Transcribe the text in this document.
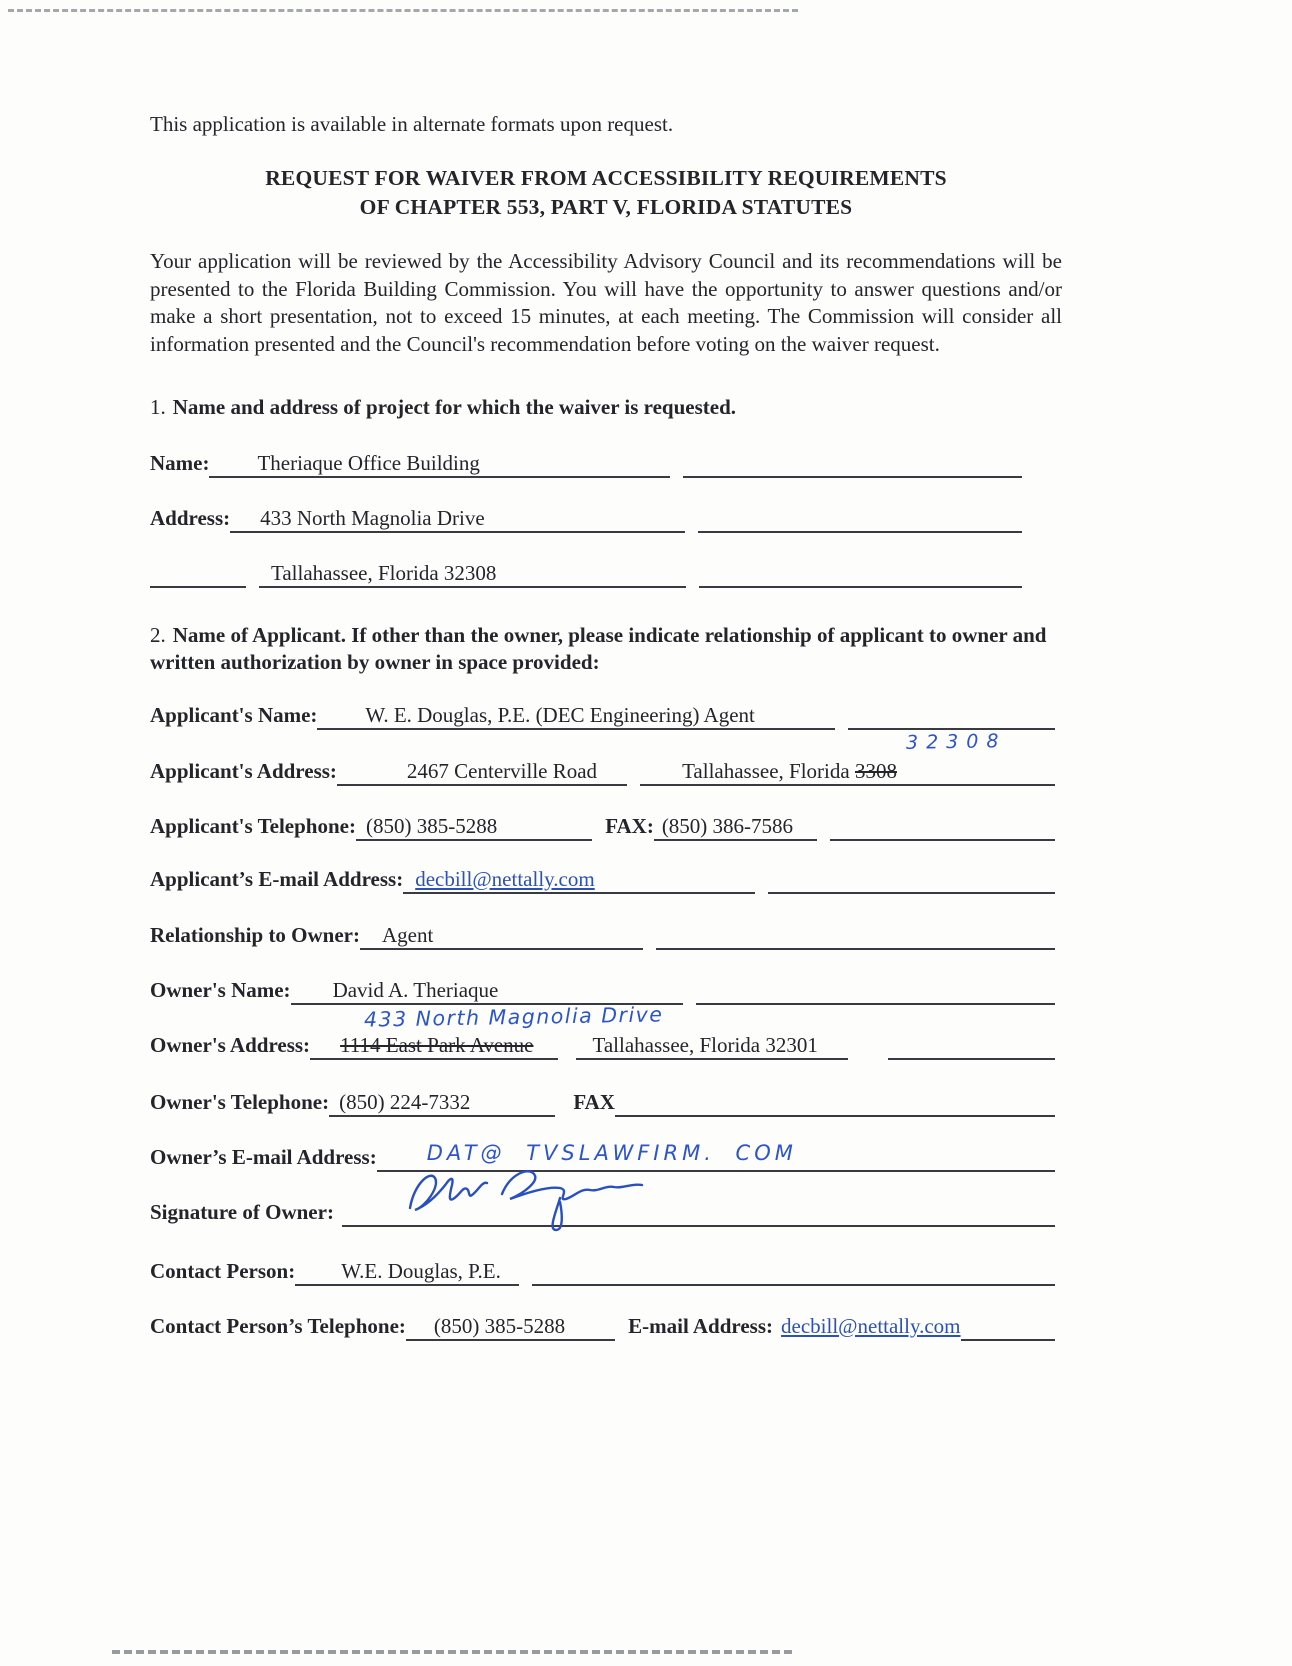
This application is available in alternate formats upon request.
REQUEST FOR WAIVER FROM ACCESSIBILITY REQUIREMENTS
OF CHAPTER 553, PART V, FLORIDA STATUTES
Your application will be reviewed by the Accessibility Advisory Council and its recommendations will be presented to the Florida Building Commission. You will have the opportunity to answer questions and/or make a short presentation, not to exceed 15 minutes, at each meeting. The Commission will consider all information presented and the Council's recommendation before voting on the waiver request.
1. Name and address of project for which the waiver is requested.
Name: Theriaque Office Building
Address: 433 North Magnolia Drive
Tallahassee, Florida 32308
2. Name of Applicant. If other than the owner, please indicate relationship of applicant to owner and written authorization by owner in space provided:
Applicant's Name: W. E. Douglas, P.E. (DEC Engineering) Agent
32308
Applicant's Address:	2467 Centerville Road	Tallahassee, Florida 3308
Applicant's Telephone: (850) 385-5288	FAX: (850) 386-7586
Applicant’s E-mail Address: decbill@nettally.com
Relationship to Owner:	Agent
Owner's Name: David A. Theriaque
433 North Magnolia Drive
Owner's Address: 1114 East Park Avenue	Tallahassee, Florida 32301
Owner's Telephone: (850) 224-7332	FAX
Owner’s E-mail Address:	DAT@ TVSLAWFIRM. COM
Signature of Owner:
Contact Person: W.E. Douglas, P.E.
Contact Person’s Telephone:	(850) 385-5288	E-mail Address: decbill@nettally.com
